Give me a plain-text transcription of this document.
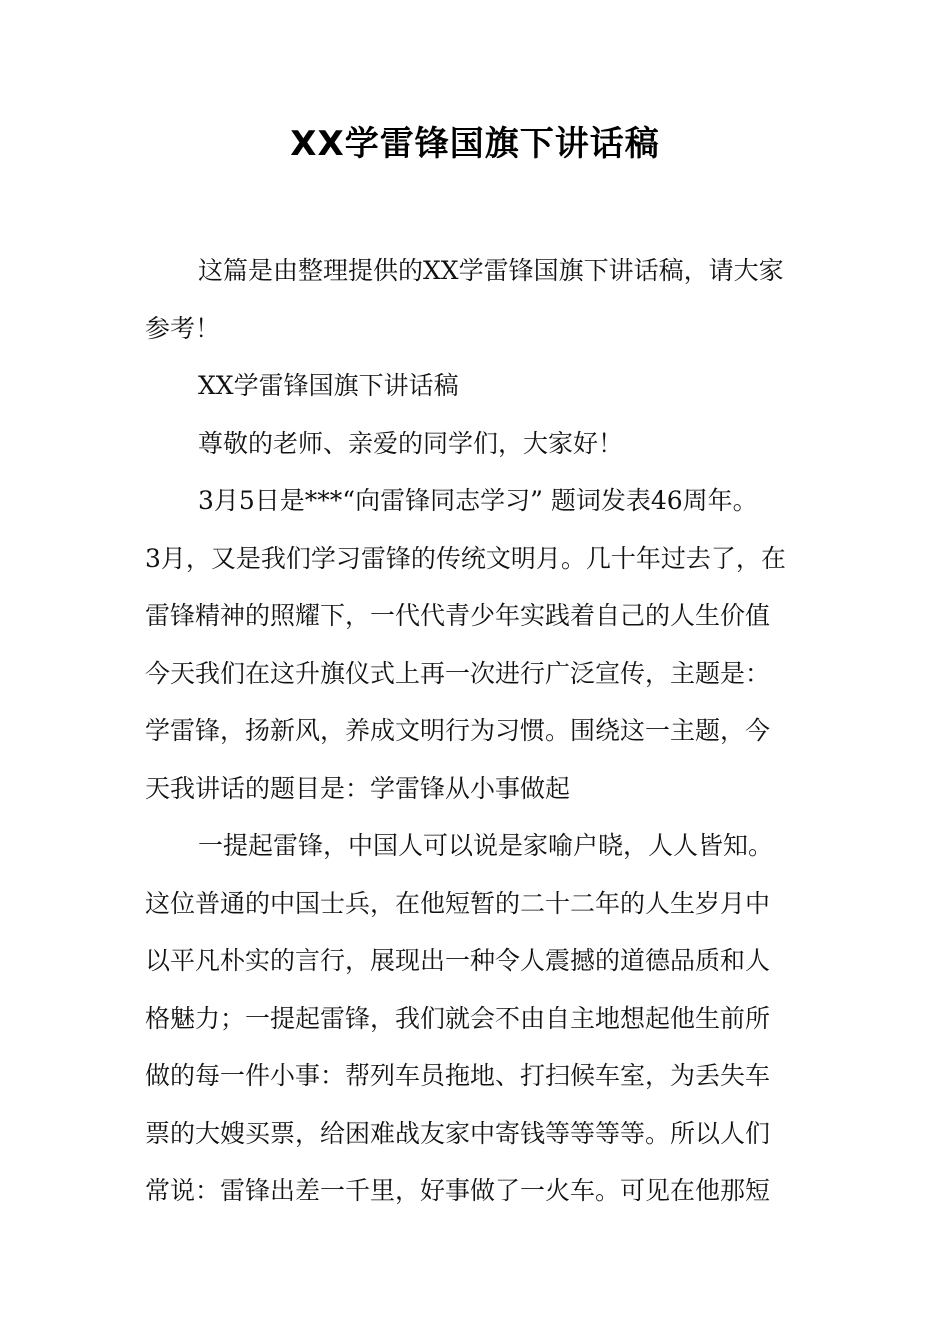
XX学雷锋国旗下讲话稿
这篇是由整理提供的XX学雷锋国旗下讲话稿，请大家
参考！
XX学雷锋国旗下讲话稿
尊敬的老师、亲爱的同学们，大家好！
3月5日是***“向雷锋同志学习” 题词发表46周年。
3月，又是我们学习雷锋的传统文明月。几十年过去了，在
雷锋精神的照耀下，一代代青少年实践着自己的人生价值
今天我们在这升旗仪式上再一次进行广泛宣传，主题是：
学雷锋，扬新风，养成文明行为习惯。围绕这一主题，今
天我讲话的题目是：学雷锋从小事做起
一提起雷锋，中国人可以说是家喻户晓，人人皆知。
这位普通的中国士兵，在他短暂的二十二年的人生岁月中
以平凡朴实的言行，展现出一种令人震撼的道德品质和人
格魅力；一提起雷锋，我们就会不由自主地想起他生前所
做的每一件小事：帮列车员拖地、打扫候车室，为丢失车
票的大嫂买票，给困难战友家中寄钱等等等等。所以人们
常说：雷锋出差一千里，好事做了一火车。可见在他那短
